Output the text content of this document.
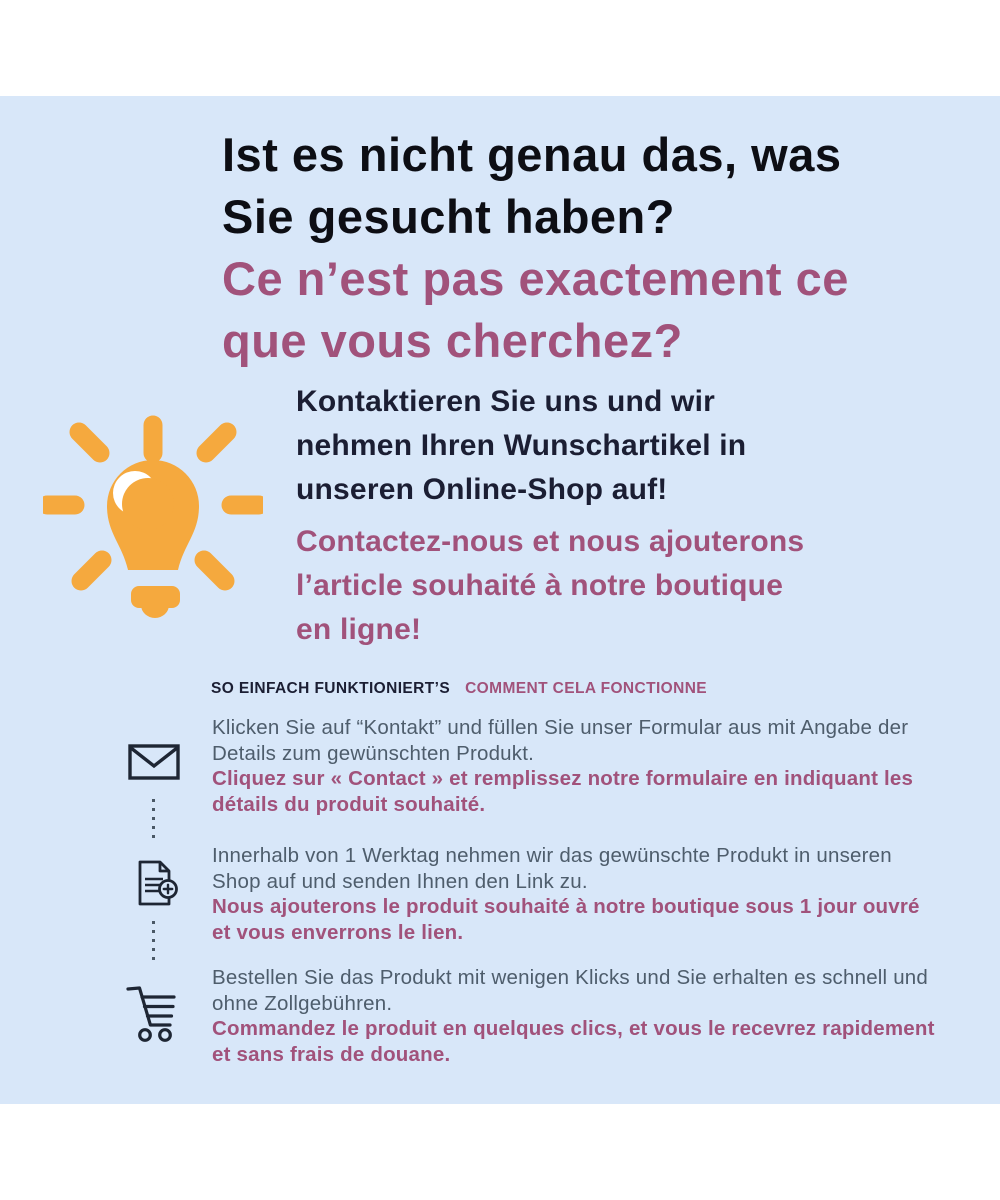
Ist es nicht genau das, was
Sie gesucht haben?
Ce n’est pas exactement ce
que vous cherchez?
Kontaktieren Sie uns und wir
nehmen Ihren Wunschartikel in
unseren Online-Shop auf!
Contactez-nous et nous ajouterons
l’article souhaité à notre boutique
en ligne!
SO EINFACH FUNKTIONIERT’S COMMENT CELA FONCTIONNE

Klicken Sie auf “Kontakt” und füllen Sie unser Formular aus mit Angabe der Details zum gewünschten Produkt.

Cliquez sur « Contact » et remplissez notre formulaire en indiquant les détails du produit souhaité.

Innerhalb von 1 Werktag nehmen wir das gewünschte Produkt in unseren Shop auf und senden Ihnen den Link zu.

Nous ajouterons le produit souhaité à notre boutique sous 1 jour ouvré et vous enverrons le lien.

Bestellen Sie das Produkt mit wenigen Klicks und Sie erhalten es schnell und ohne Zollgebühren.

Commandez le produit en quelques clics, et vous le recevrez rapidement et sans frais de douane.
